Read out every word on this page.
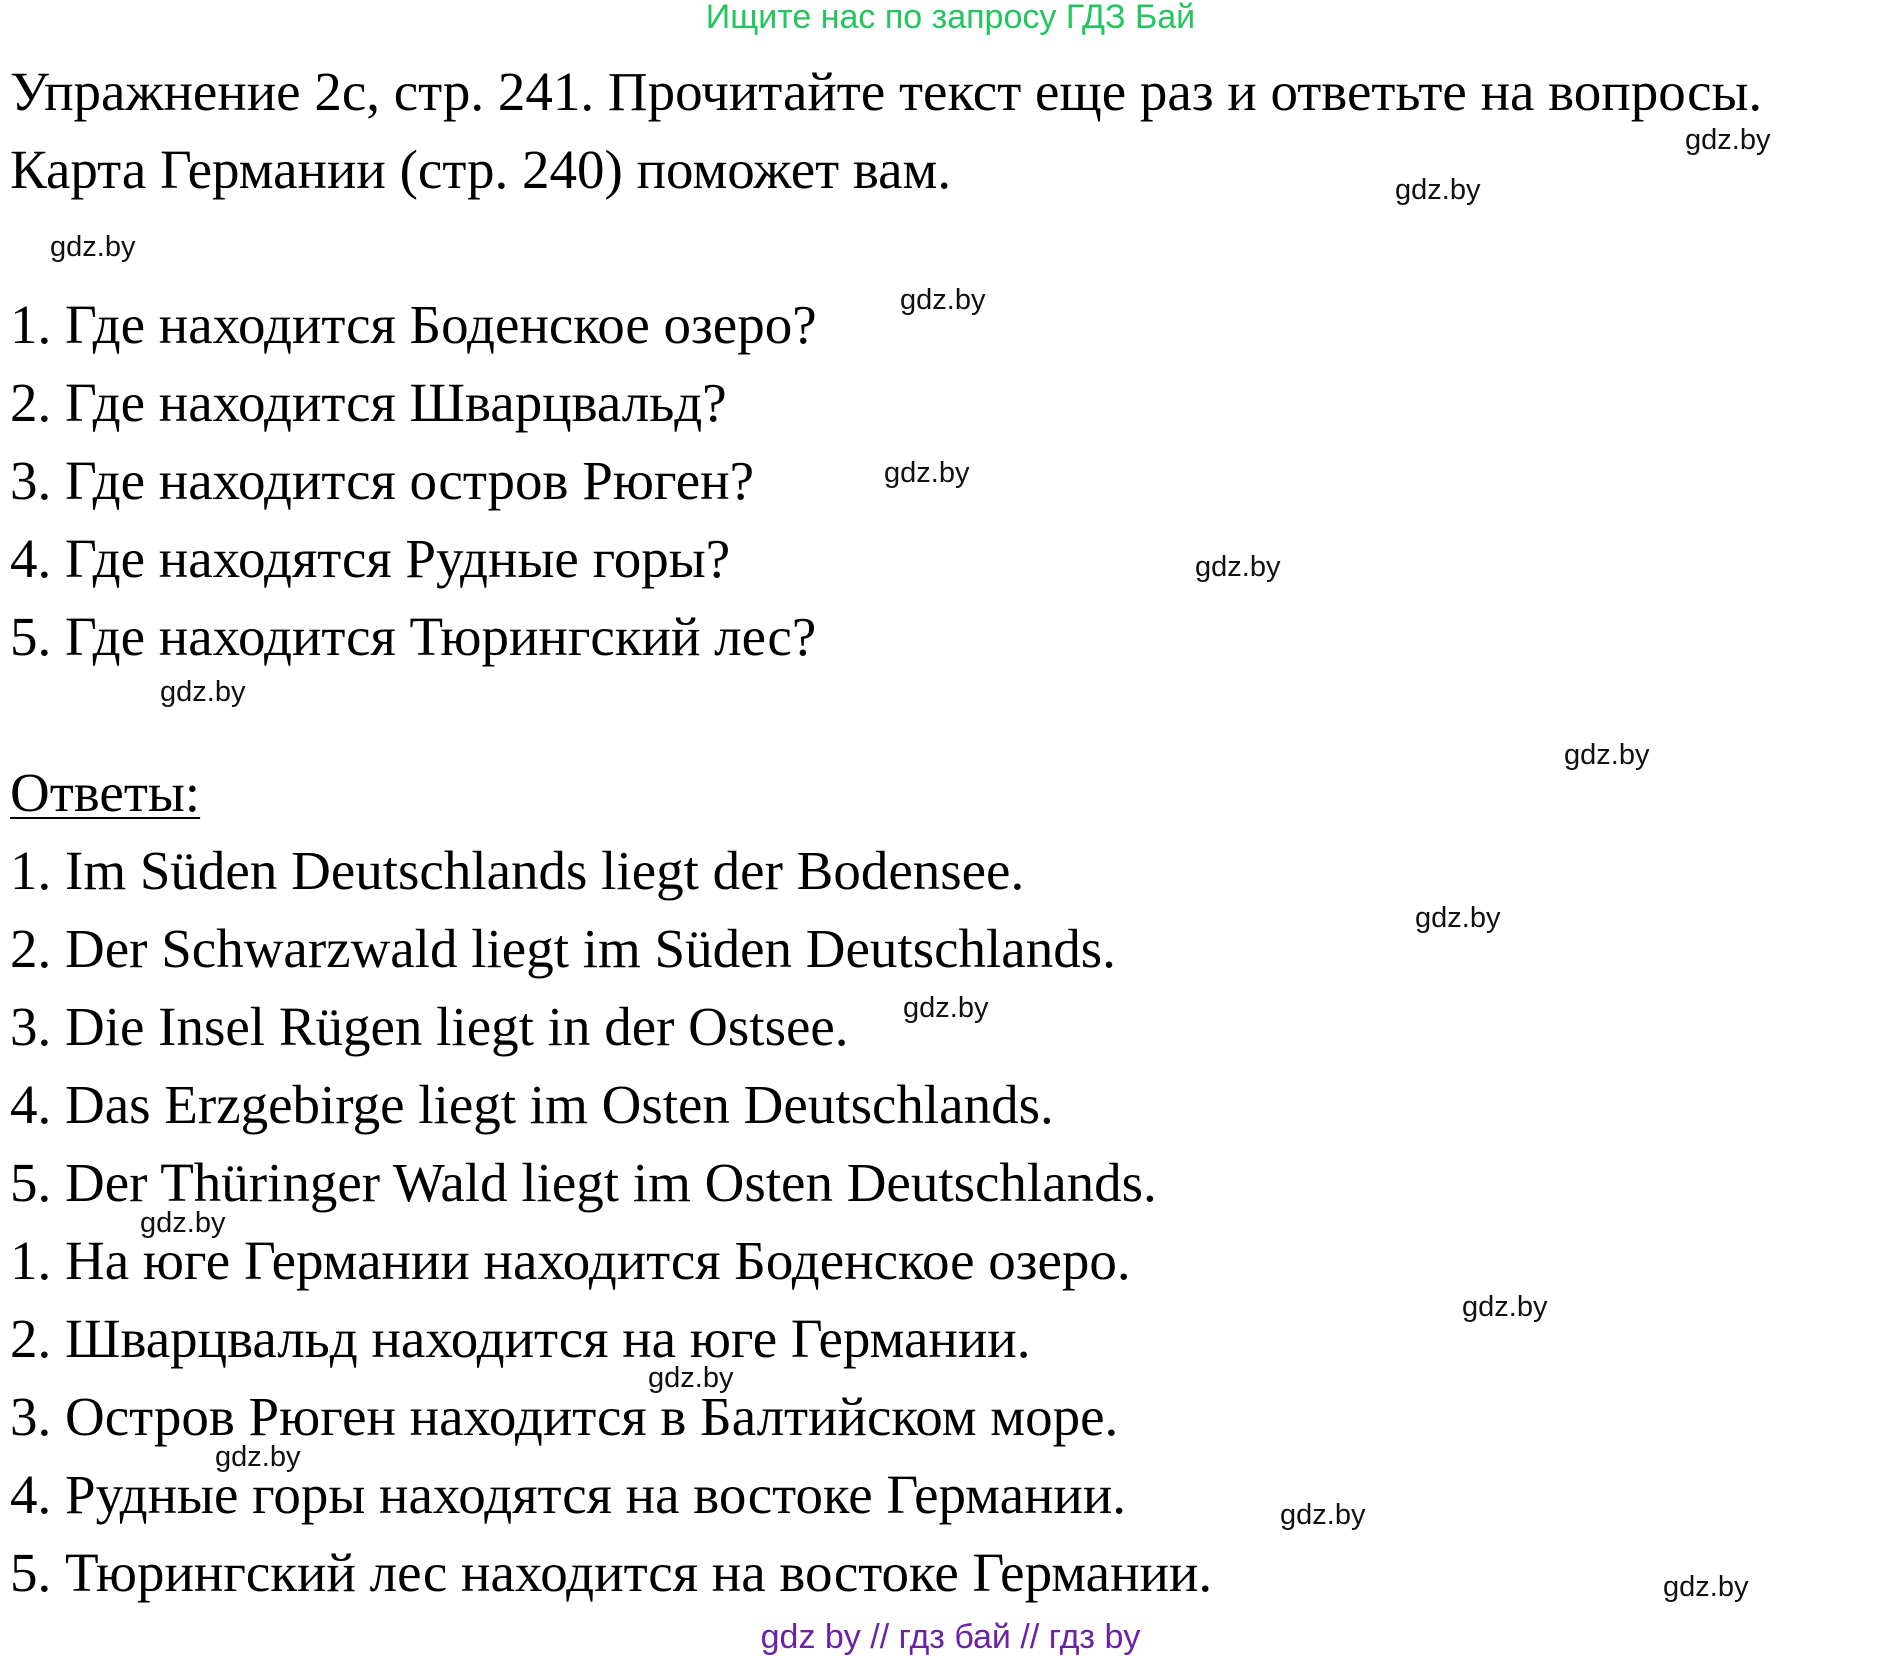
Ищите нас по запросу ГДЗ Бай
Упражнение 2с, стр. 241. Прочитайте текст еще раз и ответьте на вопросы.
Карта Германии (стр. 240) поможет вам.
1. Где находится Боденское озеро?
2. Где находится Шварцвальд?
3. Где находится остров Рюген?
4. Где находятся Рудные горы?
5. Где находится Тюрингский лес?
Ответы:
1. Im Süden Deutschlands liegt der Bodensee.
2. Der Schwarzwald liegt im Süden Deutschlands.
3. Die Insel Rügen liegt in der Ostsee.
4. Das Erzgebirge liegt im Osten Deutschlands.
5. Der Thüringer Wald liegt im Osten Deutschlands.
1. На юге Германии находится Боденское озеро.
2. Шварцвальд находится на юге Германии.
3. Остров Рюген находится в Балтийском море.
4. Рудные горы находятся на востоке Германии.
5. Тюрингский лес находится на востоке Германии.
gdz.by
gdz.by
gdz.by
gdz.by
gdz.by
gdz.by
gdz.by
gdz.by
gdz.by
gdz.by
gdz.by
gdz.by
gdz.by
gdz.by
gdz.by
gdz.by
gdz by // гдз бай // гдз by
